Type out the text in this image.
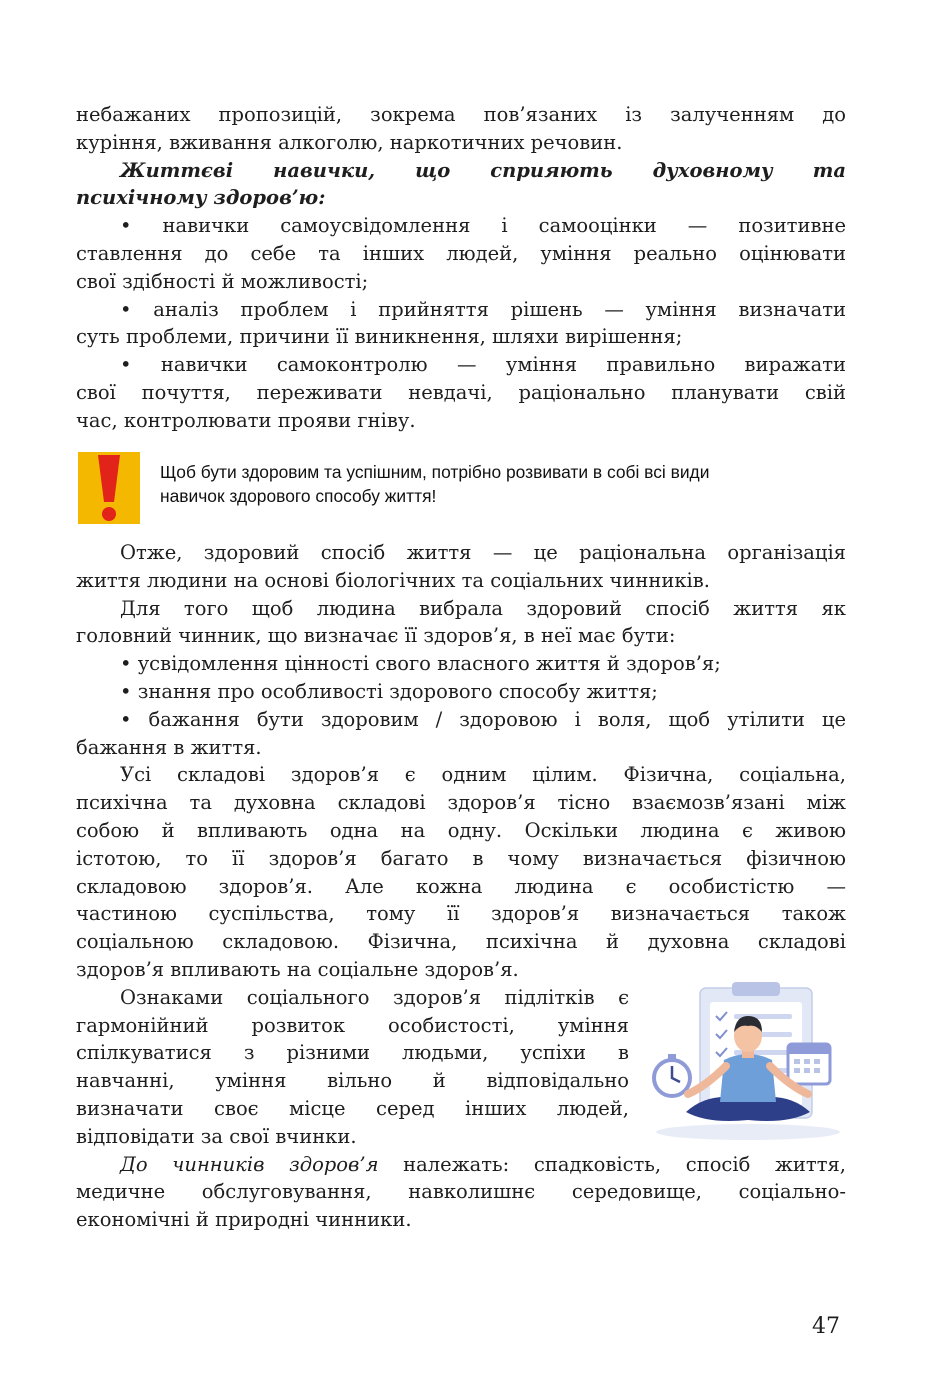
небажаних пропозицій, зокрема пов’язаних із залученням до
куріння, вживання алкоголю, наркотичних речовин.
Життєві навички, що сприяють духовному та
психічному здоров’ю:
• навички самоусвідомлення і самооцінки — позитивне
ставлення до себе та інших людей, уміння реально оцінювати
свої здібності й можливості;
• аналіз проблем і прийняття рішень — уміння визначати
суть проблеми, причини її виникнення, шляхи вирішення;
• навички самоконтролю — уміння правильно виражати
свої почуття, переживати невдачі, раціонально планувати свій
час, контролювати прояви гніву.
Щоб бути здоровим та успішним, потрібно розвивати в собі всі види
навичок здорового способу життя!
Отже, здоровий спосіб життя — це раціональна організація
життя людини на основі біологічних та соціальних чинників.
Для того щоб людина вибрала здоровий спосіб життя як
головний чинник, що визначає її здоров’я, в неї має бути:
• усвідомлення цінності свого власного життя й здоров’я;
• знання про особливості здорового способу життя;
• бажання бути здоровим / здоровою і воля, щоб утілити це
бажання в життя.
Усі складові здоров’я є одним цілим. Фізична, соціальна,
психічна та духовна складові здоров’я тісно взаємозв’язані між
собою й впливають одна на одну. Оскільки людина є живою
істотою, то її здоров’я багато в чому визначається фізичною
складовою здоров’я. Але кожна людина є особистістю —
частиною суспільства, тому її здоров’я визначається також
соціальною складовою. Фізична, психічна й духовна складові
здоров’я впливають на соціальне здоров’я.
Ознаками соціального здоров’я підлітків є
гармонійний розвиток особистості, уміння
спілкуватися з різними людьми, успіхи в
навчанні, уміння вільно й відповідально
визначати своє місце серед інших людей,
відповідати за свої вчинки.
До чинників здоров’я належать: спадковість, спосіб життя,
медичне обслуговування, навколишнє середовище, соціально-
економічні й природні чинники.
47
